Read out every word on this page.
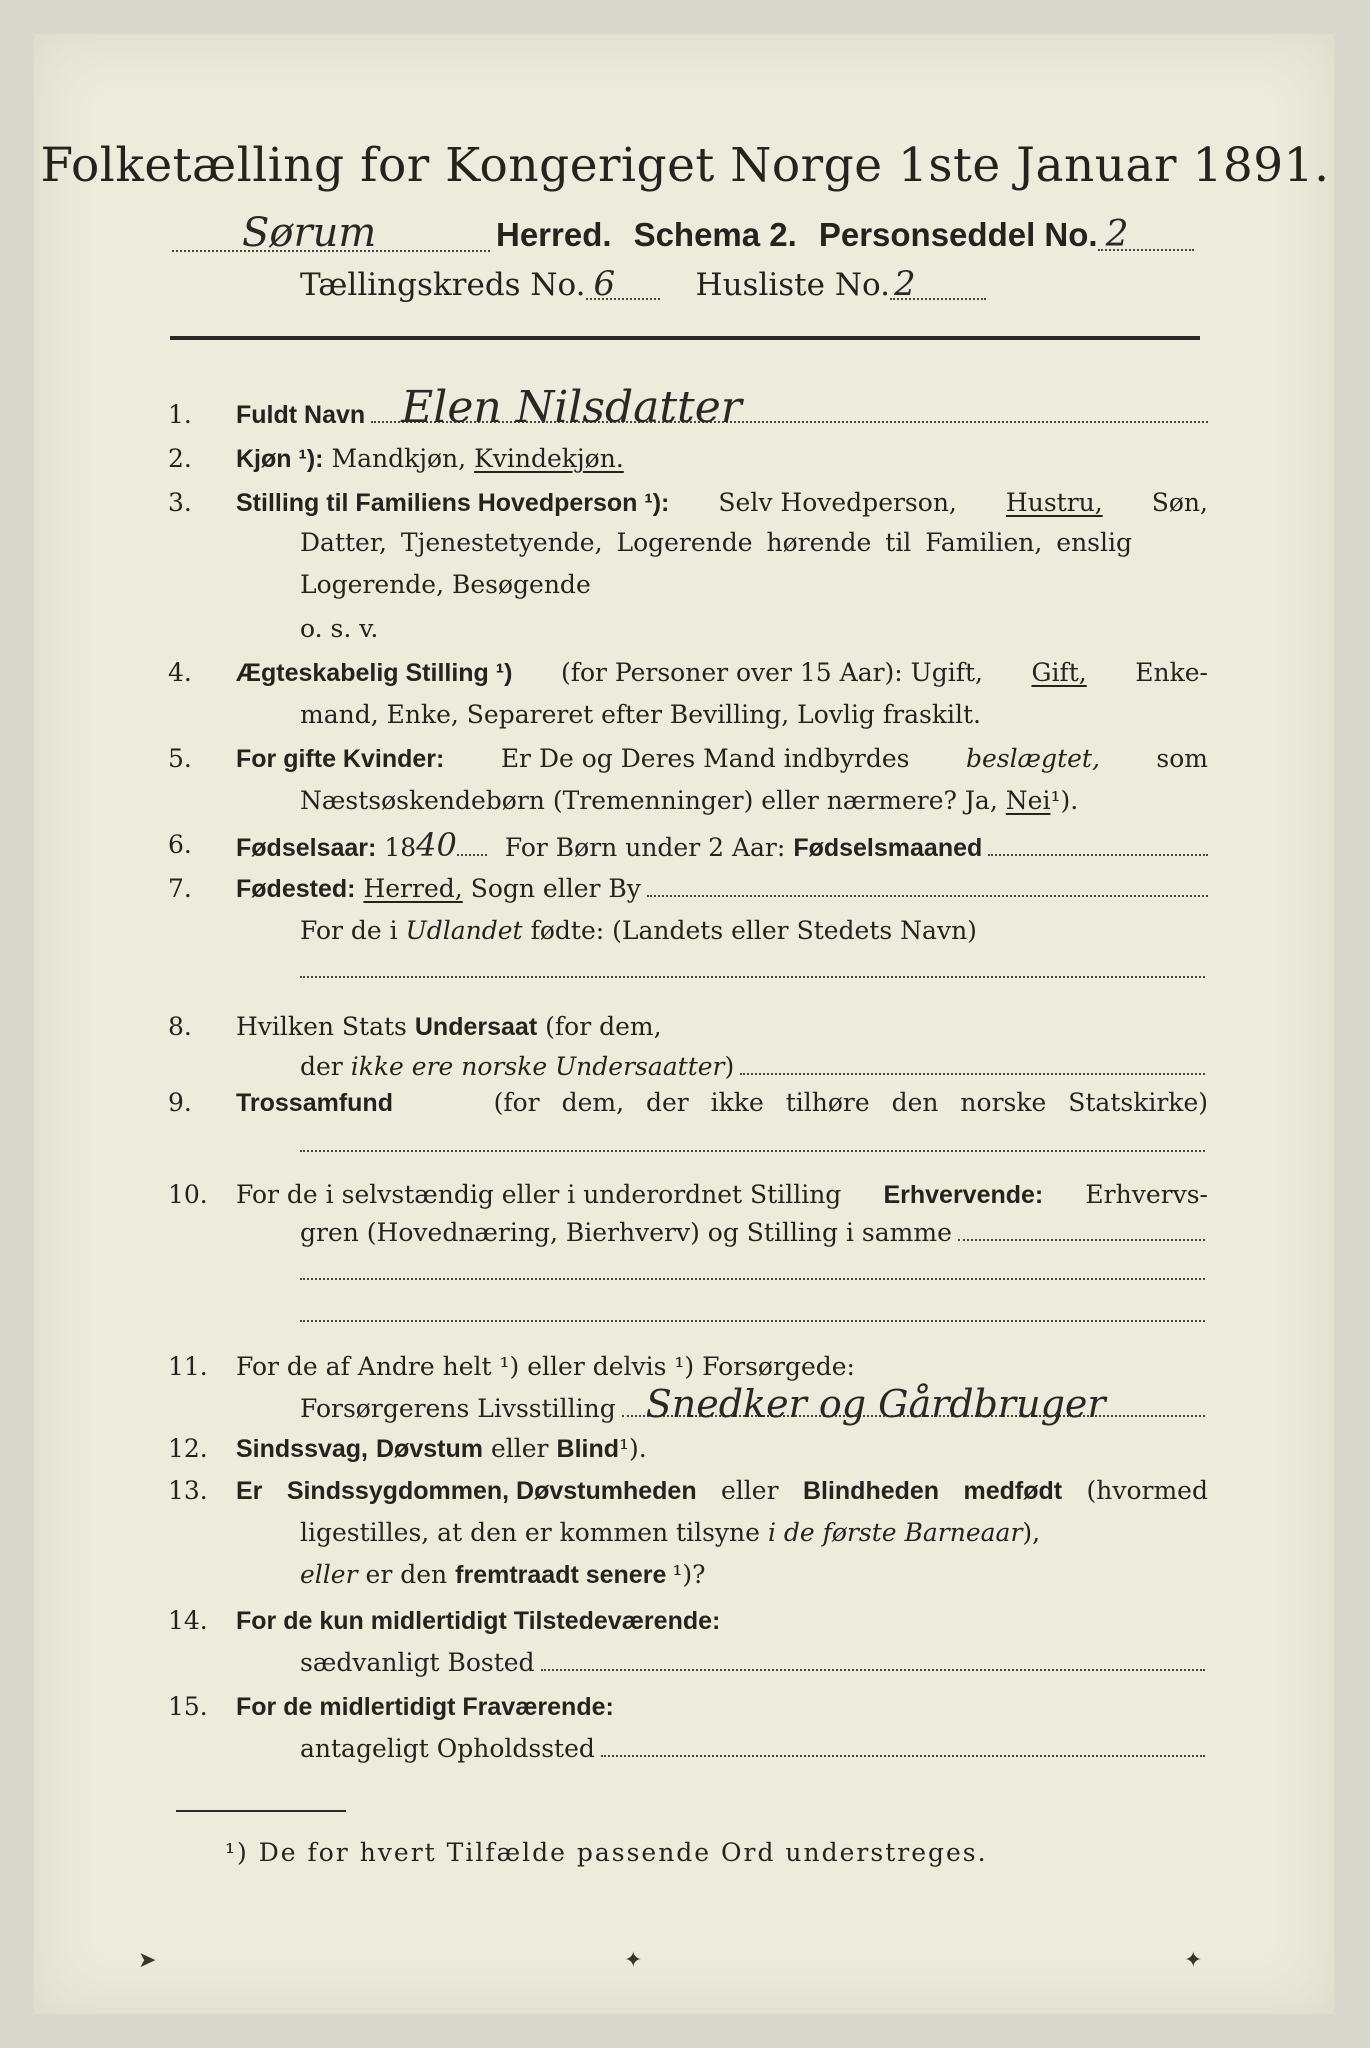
Folketælling for Kongeriget Norge 1ste Januar 1891.
Sørum	Herred. Schema 2. Personseddel No. 2
Tællingskreds No. 6	Husliste No. 2
1.	Fuldt Navn Elen Nilsdatter
2.	Kjøn ¹): Mandkjøn, Kvindekjøn.
3.	Stilling til Familiens Hovedperson ¹): Selv Hovedperson, Hustru, Søn,
Datter, Tjenestetyende, Logerende hørende til Familien, enslig
Logerende, Besøgende
o. s. v.
4.	Ægteskabelig Stilling ¹) (for Personer over 15 Aar): Ugift, Gift, Enke-
mand, Enke, Separeret efter Bevilling, Lovlig fraskilt.
5.	For gifte Kvinder: Er De og Deres Mand indbyrdes beslægtet, som
Næstsøskendebørn (Tremenninger) eller nærmere? Ja, Nei ¹).
6.	Fødselsaar: 18 40 For Børn under 2 Aar: Fødselsmaaned
7.	Fødested: Herred, Sogn eller By
For de i Udlandet fødte: (Landets eller Stedets Navn)
8.	Hvilken Stats Undersaat (for dem,
der ikke ere norske Undersaatter )
9.	Trossamfund	(for dem, der ikke tilhøre den norske Statskirke)
10.	For de i selvstændig eller i underordnet Stilling Erhvervende: Erhvervs-
gren (Hovednæring, Bierhverv) og Stilling i samme
11.	For de af Andre helt ¹) eller delvis ¹) Forsørgede:
Forsørgerens Livsstilling Snedker og Gårdbruger
12.	Sindssvag, Døvstum eller Blind ¹).
13.	Er Sindssygdommen, Døvstumheden eller Blindheden medfødt (hvormed
ligestilles, at den er kommen tilsyne i de første Barneaar ),
eller er den fremtraadt senere ¹)?
14.	For de kun midlertidigt Tilstedeværende:
sædvanligt Bosted
15.	For de midlertidigt Fraværende:
antageligt Opholdssted
¹) De for hvert Tilfælde passende Ord understreges.
➤	✦	✦
